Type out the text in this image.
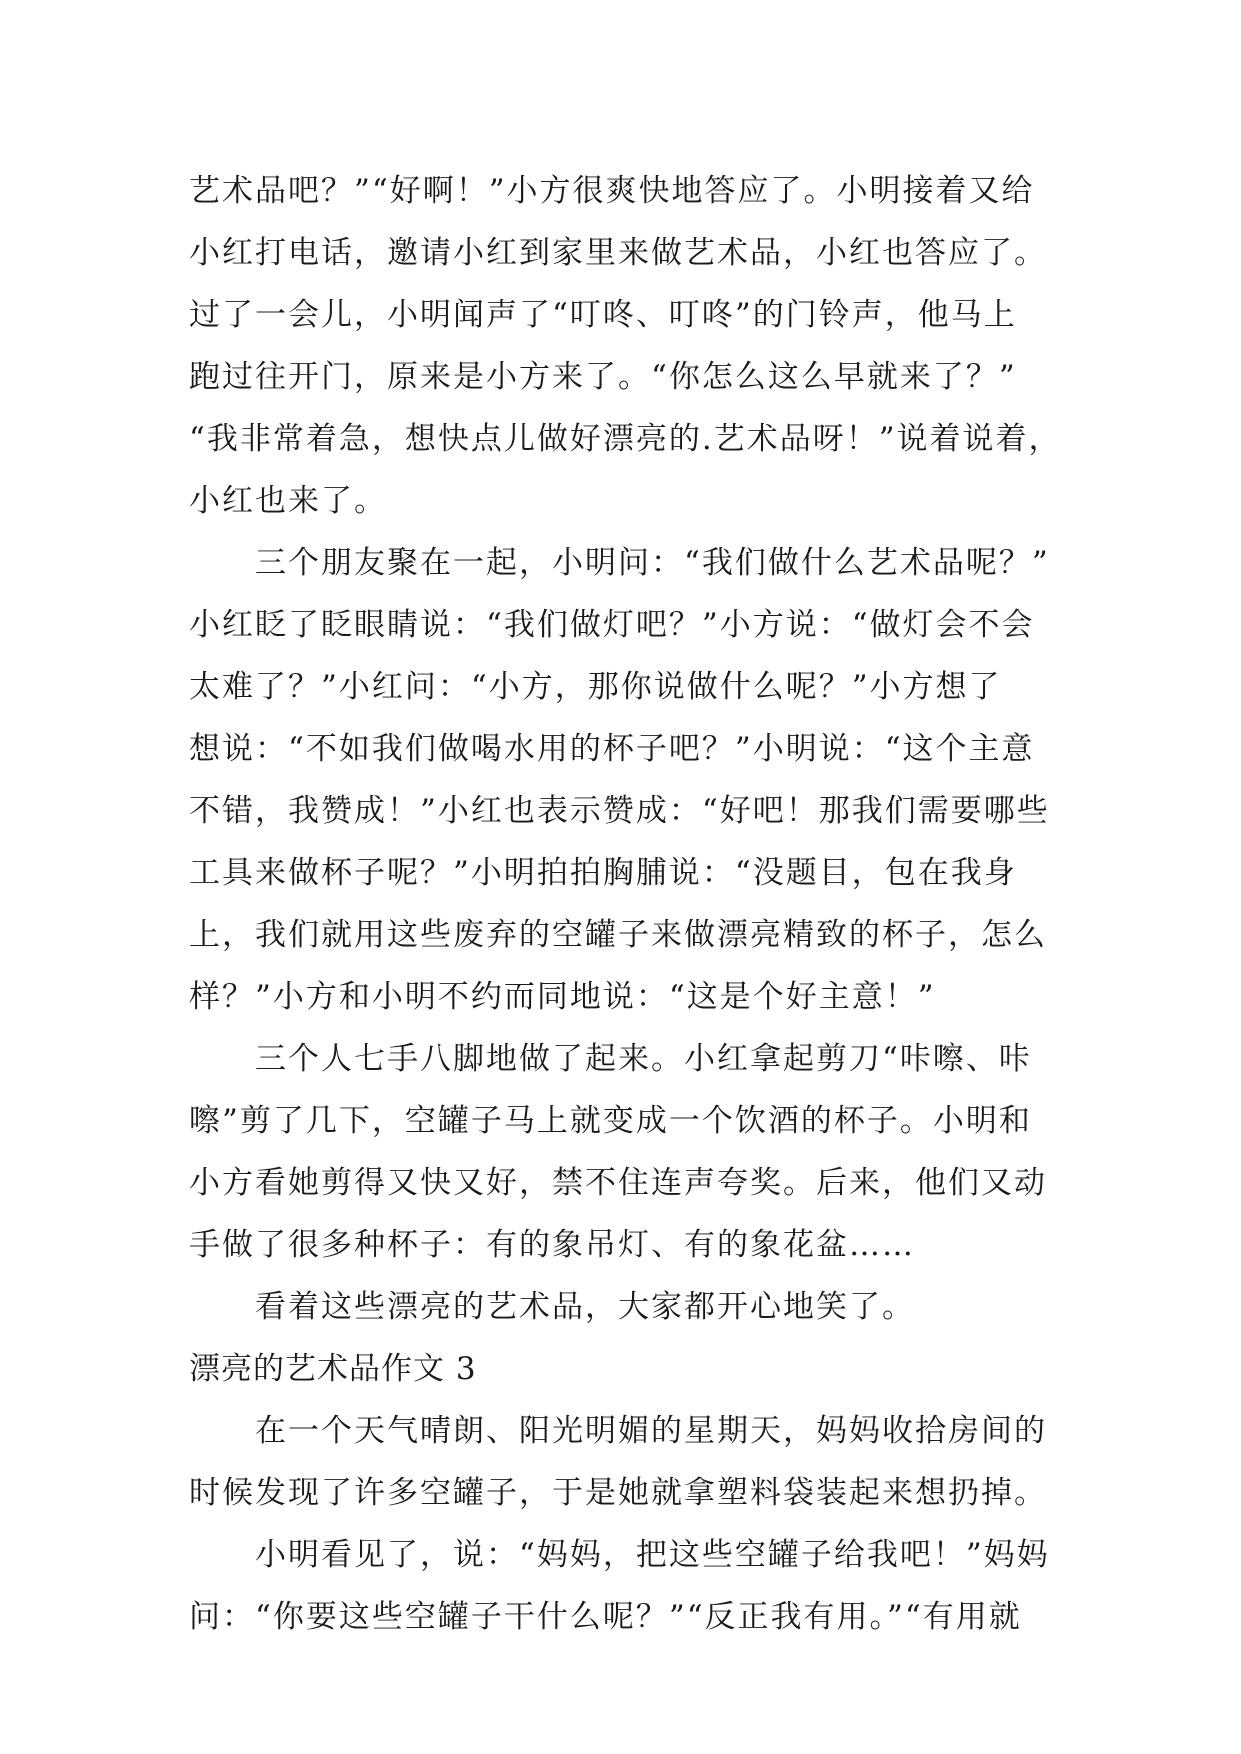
艺术品吧？”“好啊！”小方很爽快地答应了。小明接着又给
小红打电话，邀请小红到家里来做艺术品，小红也答应了。
过了一会儿，小明闻声了“叮咚、叮咚”的门铃声，他马上
跑过往开门，原来是小方来了。“你怎么这么早就来了？”
“我非常着急，想快点儿做好漂亮的.艺术品呀！”说着说着，
小红也来了。
　　三个朋友聚在一起，小明问：“我们做什么艺术品呢？”
小红眨了眨眼睛说：“我们做灯吧？”小方说：“做灯会不会
太难了？”小红问：“小方，那你说做什么呢？”小方想了
想说：“不如我们做喝水用的杯子吧？”小明说：“这个主意
不错，我赞成！”小红也表示赞成：“好吧！那我们需要哪些
工具来做杯子呢？”小明拍拍胸脯说：“没题目，包在我身
上，我们就用这些废弃的空罐子来做漂亮精致的杯子，怎么
样？”小方和小明不约而同地说：“这是个好主意！”
　　三个人七手八脚地做了起来。小红拿起剪刀“咔嚓、咔
嚓”剪了几下，空罐子马上就变成一个饮酒的杯子。小明和
小方看她剪得又快又好，禁不住连声夸奖。后来，他们又动
手做了很多种杯子：有的象吊灯、有的象花盆……
　　看着这些漂亮的艺术品，大家都开心地笑了。
漂亮的艺术品作文 3
　　在一个天气晴朗、阳光明媚的星期天，妈妈收拾房间的
时候发现了许多空罐子，于是她就拿塑料袋装起来想扔掉。
　　小明看见了，说：“妈妈，把这些空罐子给我吧！”妈妈
问：“你要这些空罐子干什么呢？”“反正我有用。”“有用就
